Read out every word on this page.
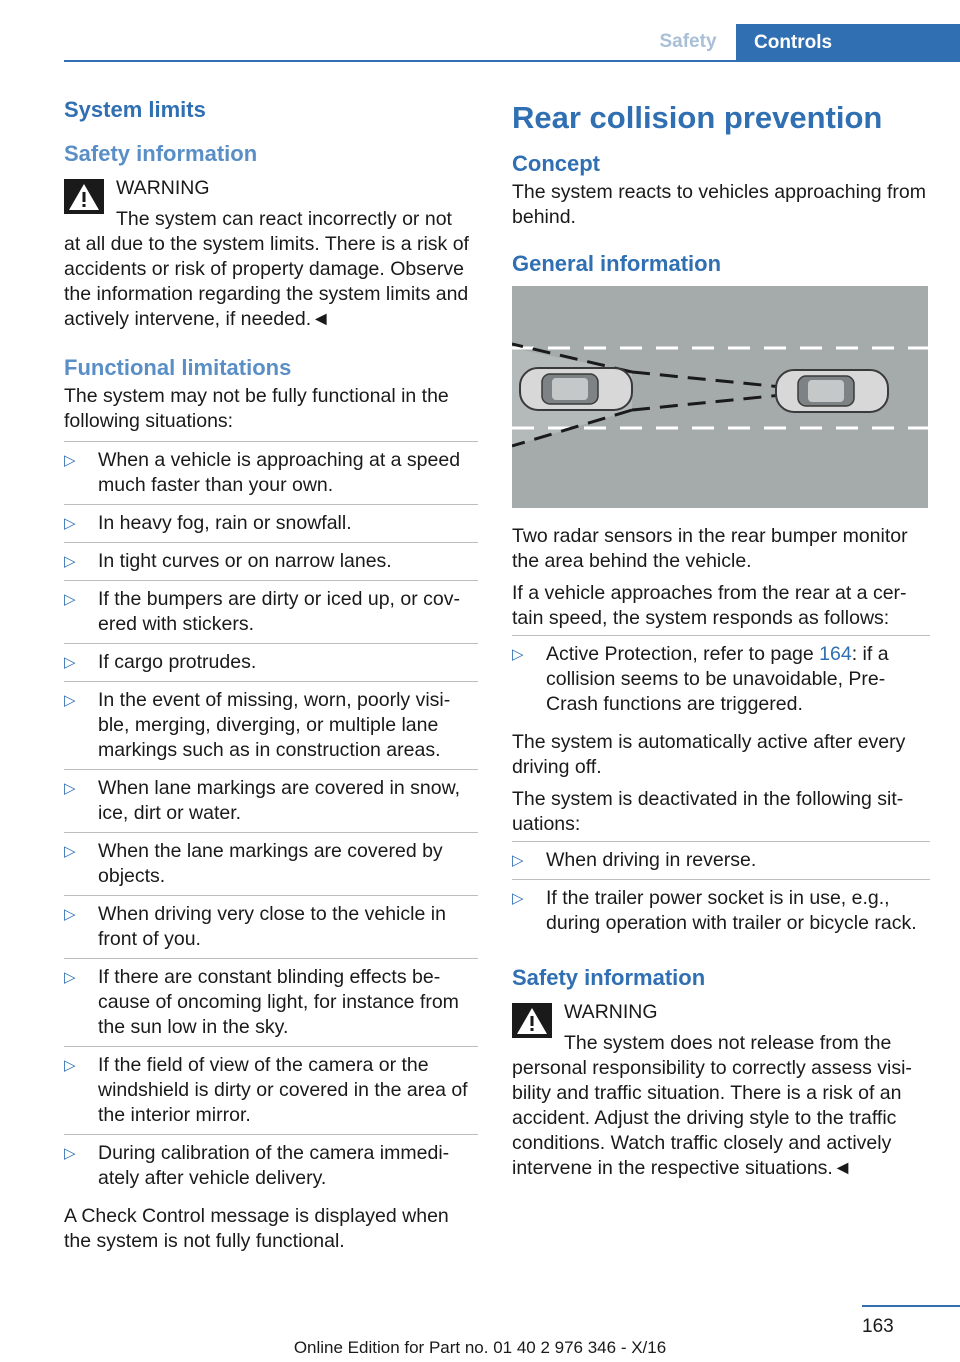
Safety	Controls
System limits
Safety information
WARNING
The system can react incorrectly or not
at all due to the system limits. There is a risk of accidents or risk of property damage. Observe the information regarding the system limits and actively intervene, if needed.◄
Functional limitations
The system may not be fully functional in the following situations:
▷ When a vehicle is approaching at a speed much faster than your own.
▷ In heavy fog, rain or snowfall.
▷ In tight curves or on narrow lanes.
▷ If the bumpers are dirty or iced up, or cov‐ered with stickers.
▷ If cargo protrudes.
▷ In the event of missing, worn, poorly visi‐ble, merging, diverging, or multiple lane markings such as in construction areas.
▷ When lane markings are covered in snow, ice, dirt or water.
▷ When the lane markings are covered by objects.
▷ When driving very close to the vehicle in front of you.
▷ If there are constant blinding effects be‐cause of oncoming light, for instance from the sun low in the sky.
▷ If the field of view of the camera or the windshield is dirty or covered in the area of the interior mirror.
▷ During calibration of the camera immedi‐ately after vehicle delivery.
A Check Control message is displayed when the system is not fully functional.
Rear collision prevention
Concept
The system reacts to vehicles approaching from behind.
General information
Two radar sensors in the rear bumper monitor the area behind the vehicle.
If a vehicle approaches from the rear at a cer‐tain speed, the system responds as follows:
▷ Active Protection, refer to page 164: if a collision seems to be unavoidable, Pre-Crash functions are triggered.
The system is automatically active after every driving off.
The system is deactivated in the following sit‐uations:
▷ When driving in reverse.
▷ If the trailer power socket is in use, e.g., during operation with trailer or bicycle rack.
Safety information
WARNING
The system does not release from the
personal responsibility to correctly assess visi‐bility and traffic situation. There is a risk of an accident. Adjust the driving style to the traffic conditions. Watch traffic closely and actively intervene in the respective situations.◄
163
Online Edition for Part no. 01 40 2 976 346 - X/16
